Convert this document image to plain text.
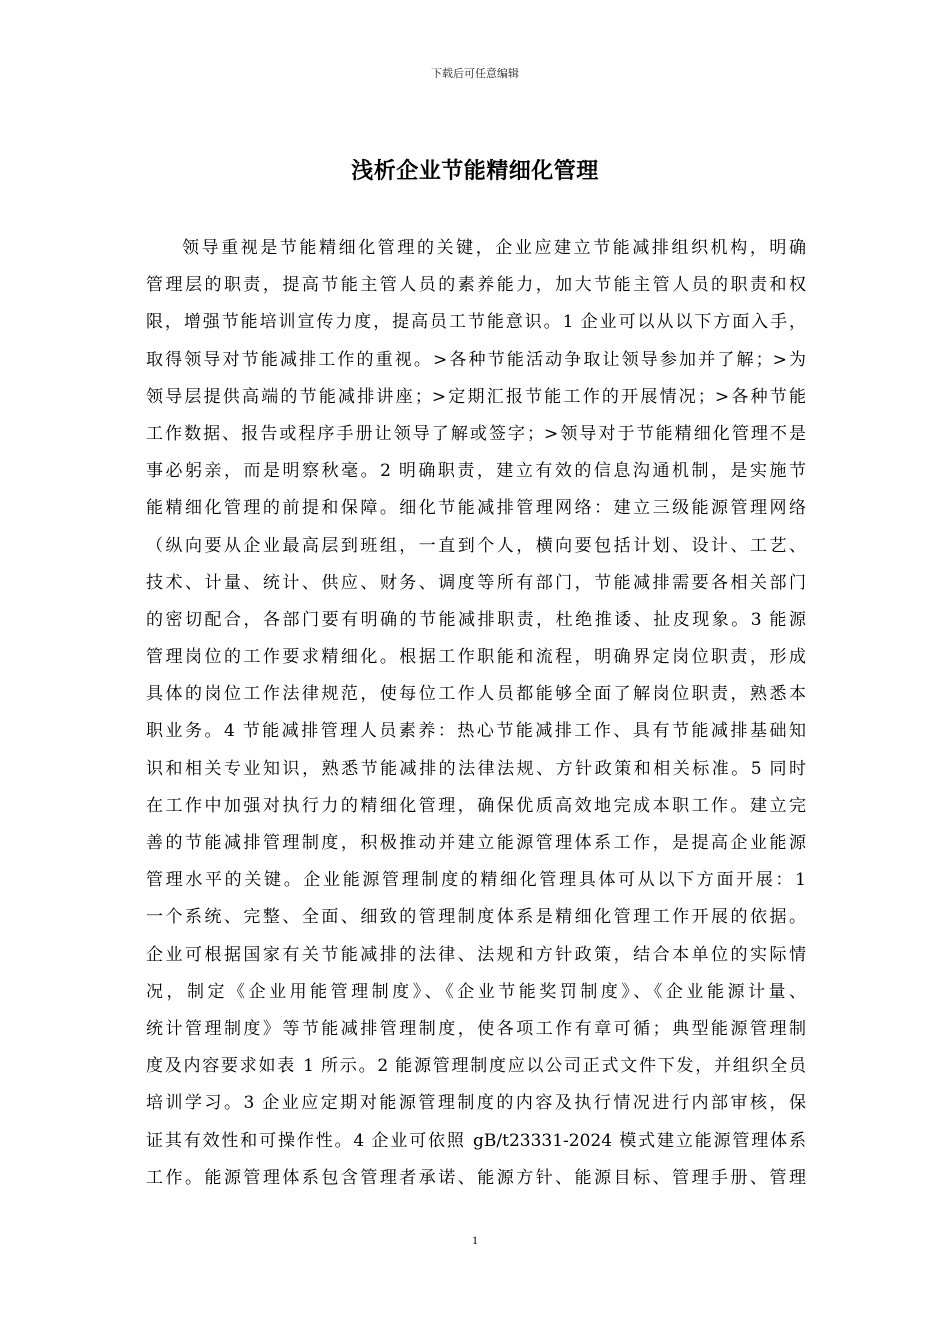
下载后可任意编辑
浅析企业节能精细化管理
领导重视是节能精细化管理的关键，企业应建立节能减排组织机构，明确
管理层的职责，提高节能主管人员的素养能力，加大节能主管人员的职责和权
限，增强节能培训宣传力度，提高员工节能意识。1 企业可以从以下方面入手，
取得领导对节能减排工作的重视。>各种节能活动争取让领导参加并了解；>为
领导层提供高端的节能减排讲座；>定期汇报节能工作的开展情况；>各种节能
工作数据、报告或程序手册让领导了解或签字；>领导对于节能精细化管理不是
事必躬亲，而是明察秋毫。2 明确职责，建立有效的信息沟通机制，是实施节
能精细化管理的前提和保障。细化节能减排管理网络：建立三级能源管理网络
（纵向要从企业最高层到班组，一直到个人，横向要包括计划、设计、工艺、
技术、计量、统计、供应、财务、调度等所有部门，节能减排需要各相关部门
的密切配合，各部门要有明确的节能减排职责，杜绝推诿、扯皮现象。3 能源
管理岗位的工作要求精细化。根据工作职能和流程，明确界定岗位职责，形成
具体的岗位工作法律规范，使每位工作人员都能够全面了解岗位职责，熟悉本
职业务。4 节能减排管理人员素养：热心节能减排工作、具有节能减排基础知
识和相关专业知识，熟悉节能减排的法律法规、方针政策和相关标准。5 同时
在工作中加强对执行力的精细化管理，确保优质高效地完成本职工作。建立完
善的节能减排管理制度，积极推动并建立能源管理体系工作，是提高企业能源
管理水平的关键。企业能源管理制度的精细化管理具体可从以下方面开展：1
一个系统、完整、全面、细致的管理制度体系是精细化管理工作开展的依据。
企业可根据国家有关节能减排的法律、法规和方针政策，结合本单位的实际情
况，制定《企业用能管理制度》、《企业节能奖罚制度》、《企业能源计量、
统计管理制度》等节能减排管理制度，使各项工作有章可循；典型能源管理制
度及内容要求如表 1 所示。2 能源管理制度应以公司正式文件下发，并组织全员
培训学习。3 企业应定期对能源管理制度的内容及执行情况进行内部审核，保
证其有效性和可操作性。4 企业可依照 gB/t23331-2024 模式建立能源管理体系
工作。能源管理体系包含管理者承诺、能源方针、能源目标、管理手册、管理
1
